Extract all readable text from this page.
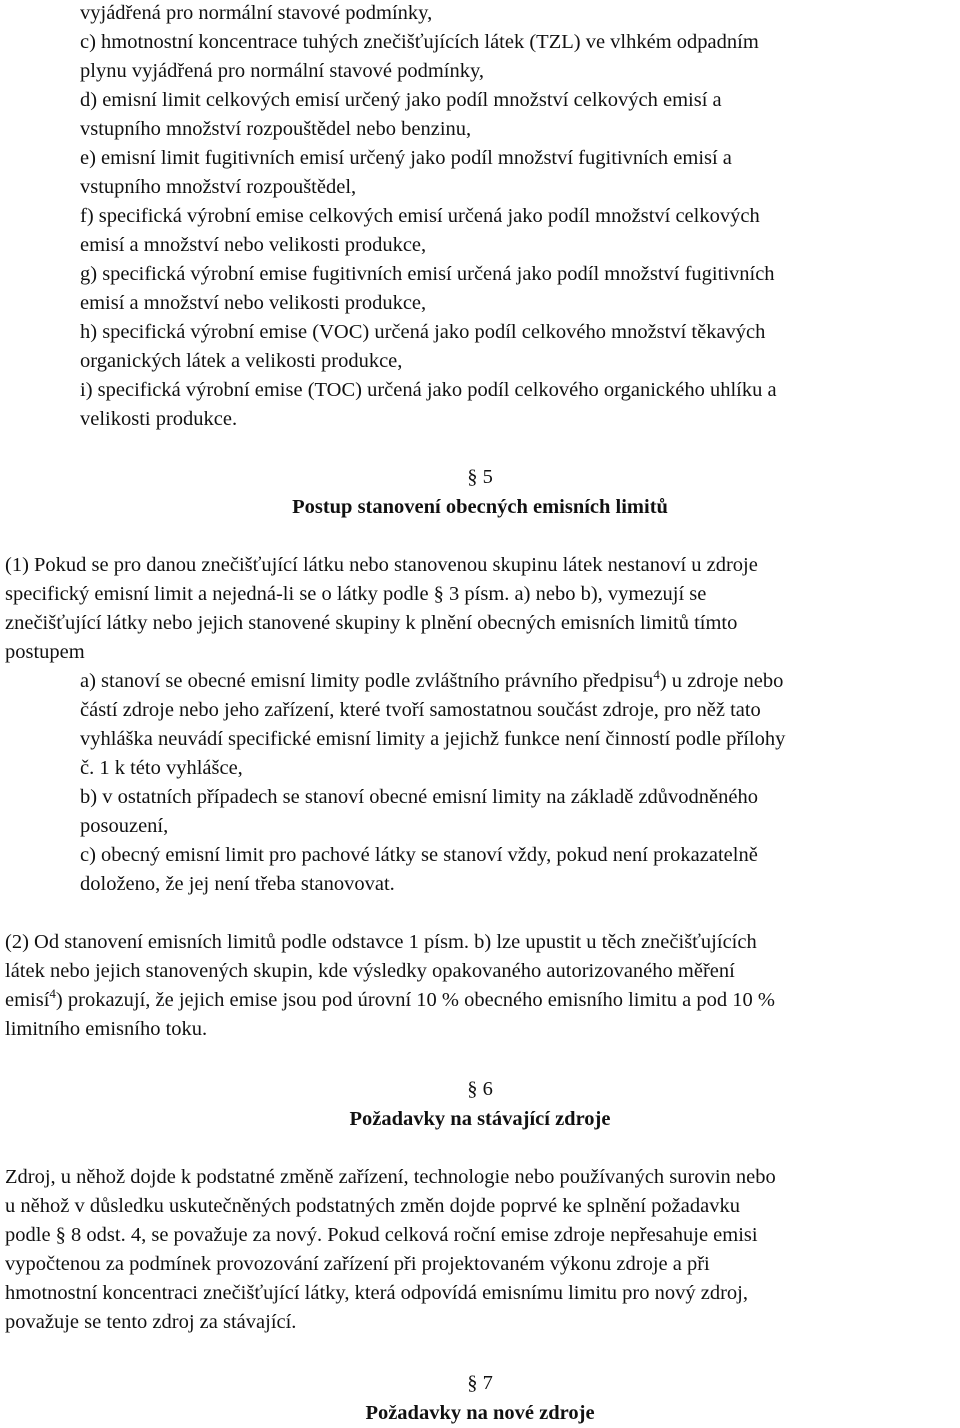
vyjádřená pro normální stavové podmínky,
c) hmotnostní koncentrace tuhých znečišťujících látek (TZL) ve vlhkém odpadním
plynu vyjádřená pro normální stavové podmínky,
d) emisní limit celkových emisí určený jako podíl množství celkových emisí a
vstupního množství rozpouštědel nebo benzinu,
e) emisní limit fugitivních emisí určený jako podíl množství fugitivních emisí a
vstupního množství rozpouštědel,
f) specifická výrobní emise celkových emisí určená jako podíl množství celkových
emisí a množství nebo velikosti produkce,
g) specifická výrobní emise fugitivních emisí určená jako podíl množství fugitivních
emisí a množství nebo velikosti produkce,
h) specifická výrobní emise (VOC) určená jako podíl celkového množství těkavých
organických látek a velikosti produkce,
i) specifická výrobní emise (TOC) určená jako podíl celkového organického uhlíku a
velikosti produkce.
§ 5
Postup stanovení obecných emisních limitů
(1) Pokud se pro danou znečišťující látku nebo stanovenou skupinu látek nestanoví u zdroje
specifický emisní limit a nejedná-li se o látky podle § 3 písm. a) nebo b), vymezují se
znečišťující látky nebo jejich stanovené skupiny k plnění obecných emisních limitů tímto
postupem
a) stanoví se obecné emisní limity podle zvláštního právního předpisu$^4$) u zdroje nebo
částí zdroje nebo jeho zařízení, které tvoří samostatnou součást zdroje, pro něž tato
vyhláška neuvádí specifické emisní limity a jejichž funkce není činností podle přílohy
č. 1 k této vyhlášce,
b) v ostatních případech se stanoví obecné emisní limity na základě zdůvodněného
posouzení,
c) obecný emisní limit pro pachové látky se stanoví vždy, pokud není prokazatelně
doloženo, že jej není třeba stanovovat.
(2) Od stanovení emisních limitů podle odstavce 1 písm. b) lze upustit u těch znečišťujících
látek nebo jejich stanovených skupin, kde výsledky opakovaného autorizovaného měření
emisí$^4$) prokazují, že jejich emise jsou pod úrovní 10 % obecného emisního limitu a pod 10 %
limitního emisního toku.
§ 6
Požadavky na stávající zdroje
Zdroj, u něhož dojde k podstatné změně zařízení, technologie nebo používaných surovin nebo
u něhož v důsledku uskutečněných podstatných změn dojde poprvé ke splnění požadavku
podle § 8 odst. 4, se považuje za nový. Pokud celková roční emise zdroje nepřesahuje emisi
vypočtenou za podmínek provozování zařízení při projektovaném výkonu zdroje a při
hmotnostní koncentraci znečišťující látky, která odpovídá emisnímu limitu pro nový zdroj,
považuje se tento zdroj za stávající.
§ 7
Požadavky na nové zdroje
